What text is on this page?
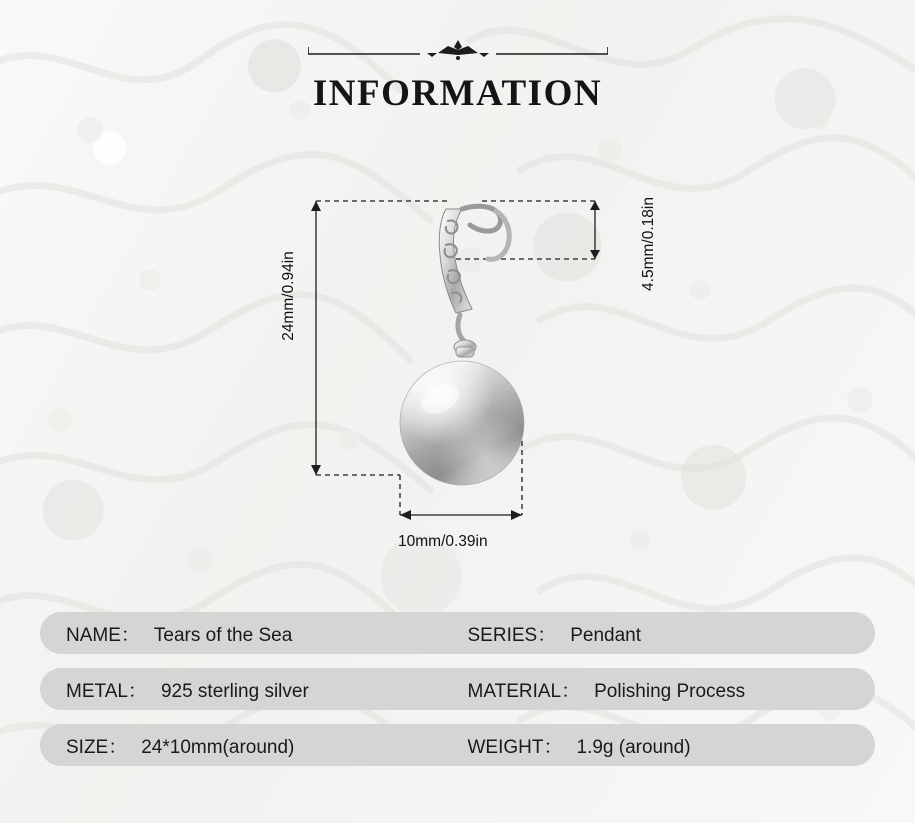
INFORMATION
24mm/0.94in
4.5mm/0.18in
10mm/0.39in
NAME： Tears of the Sea	SERIES： Pendant
METAL： 925 sterling silver	MATERIAL： Polishing Process
SIZE： 24*10mm(around)	WEIGHT： 1.9g (around)
